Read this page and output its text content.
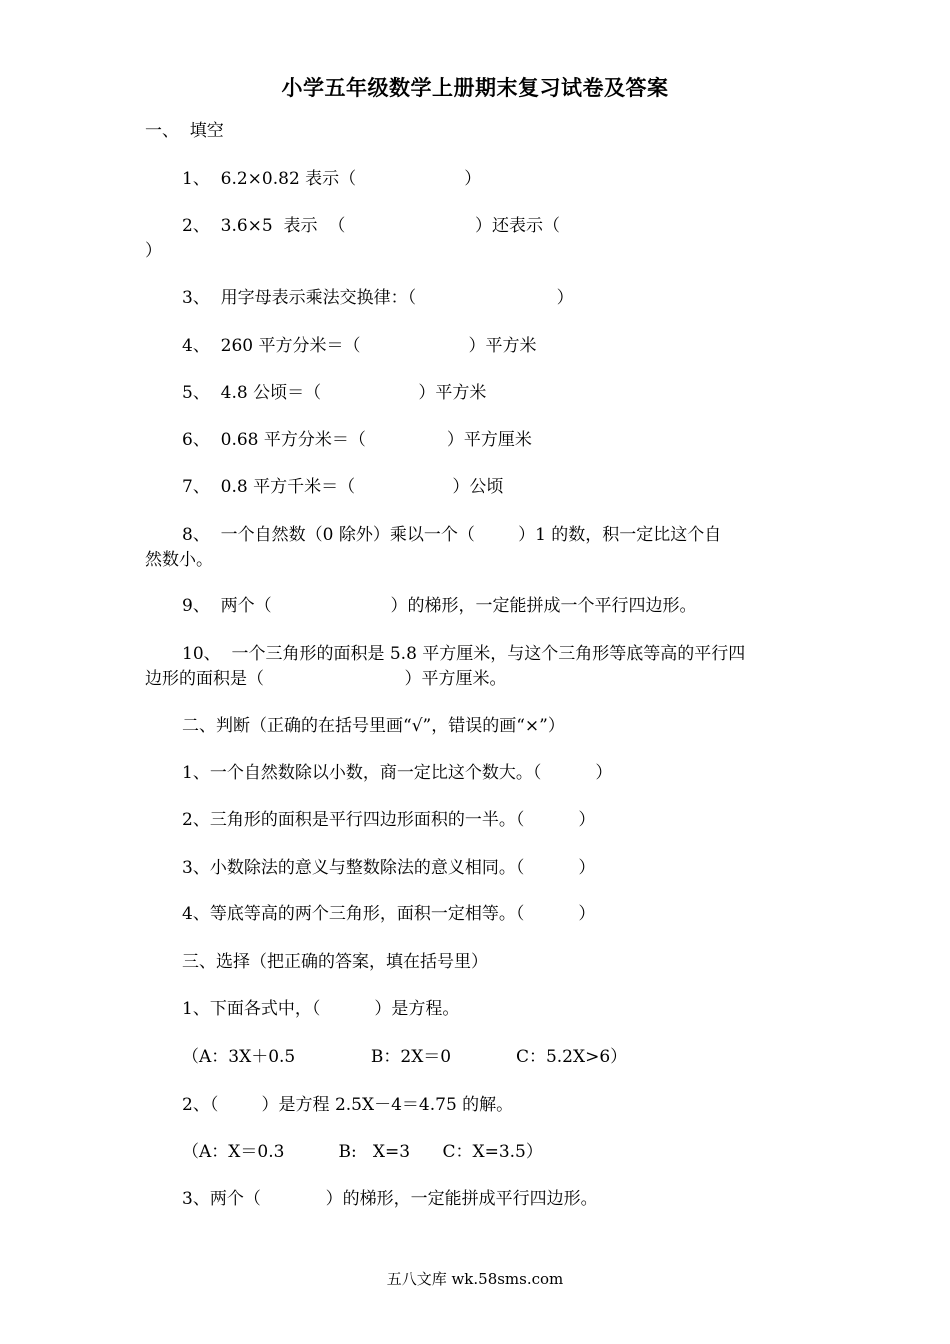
小学五年级数学上册期末复习试卷及答案
一、  填空
1、  6.2×0.82 表示（                    ）
2、  3.6×5  表示  （                        ）还表示（
）
3、  用字母表示乘法交换律：（                          ）
4、  260 平方分米＝（                    ）平方米
5、  4.8 公顷＝（                  ）平方米
6、  0.68 平方分米＝（               ）平方厘米
7、  0.8 平方千米＝（                  ）公顷
8、  一个自然数（0 除外）乘以一个（        ）1 的数，积一定比这个自
然数小。
9、  两个（                      ）的梯形，一定能拼成一个平行四边形。
10、  一个三角形的面积是 5.8 平方厘米，与这个三角形等底等高的平行四
边形的面积是（                          ）平方厘米。
二、判断（正确的在括号里画“√”，错误的画“×”）
1、一个自然数除以小数，商一定比这个数大。（          ）
2、三角形的面积是平行四边形面积的一半。（          ）
3、小数除法的意义与整数除法的意义相同。（          ）
4、等底等高的两个三角形，面积一定相等。（          ）
三、选择（把正确的答案，填在括号里）
1、下面各式中，（          ）是方程。
（A：3X＋0.5              B：2X＝0            C：5.2X>6）
2、（        ）是方程 2.5X－4＝4.75 的解。
（A：X＝0.3          B:   X=3      C：X=3.5）
3、两个（            ）的梯形，一定能拼成平行四边形。
五八文库 wk.58sms.com
